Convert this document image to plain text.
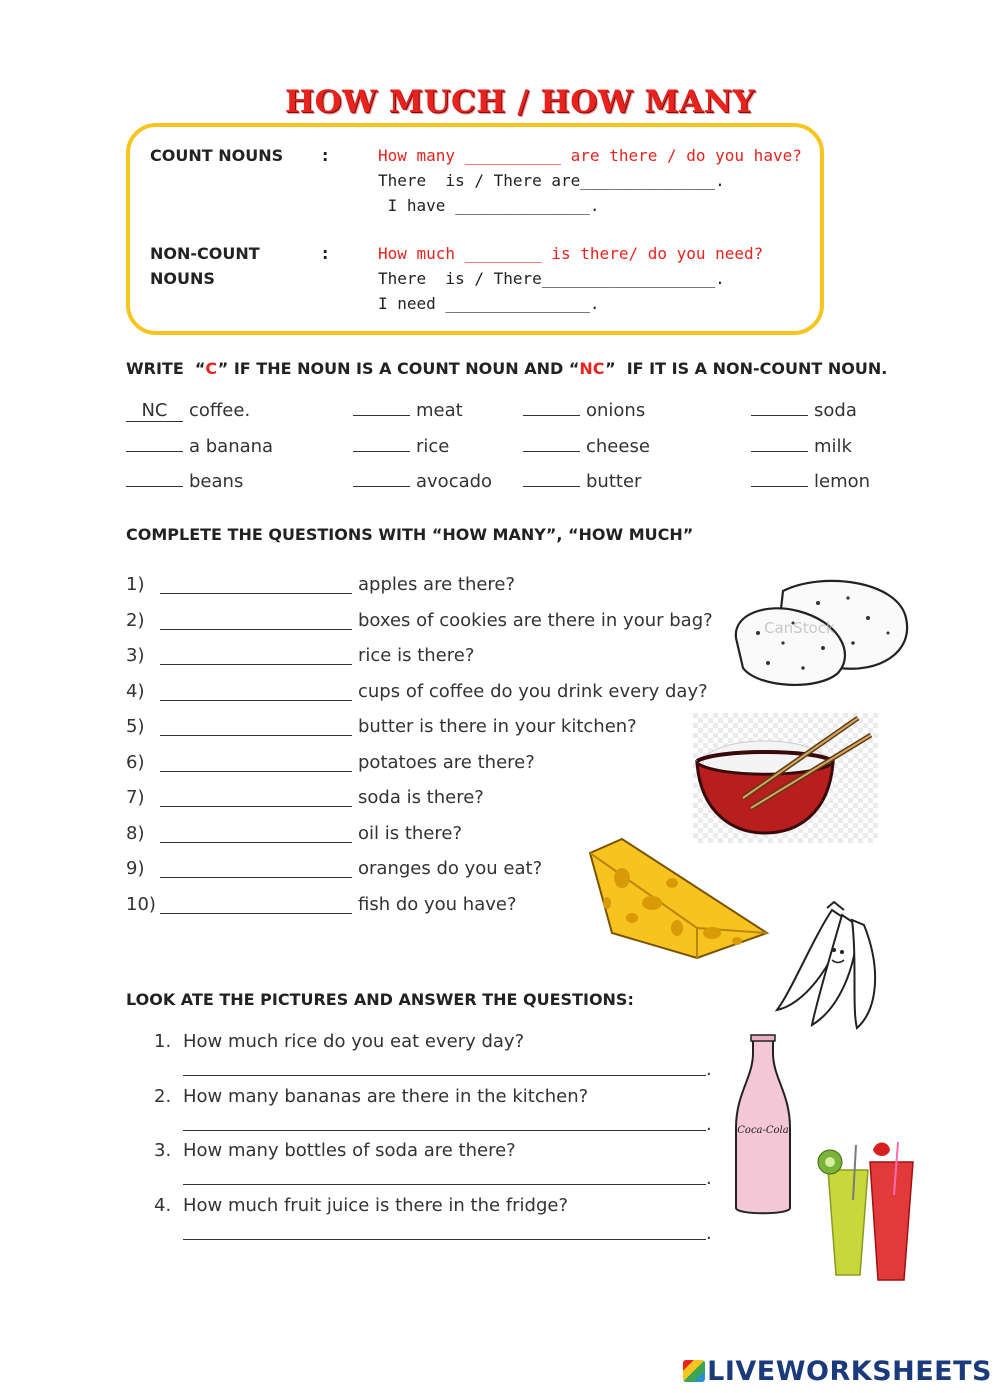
HOW MUCH / HOW MANY
COUNT NOUNS :	How many __________ are there / do you have?
There  is / There are______________.
I have ______________.
NON-COUNT
NOUNS
:	How much ________ is there/ do you need?
There  is / There__________________.
I need _______________.
WRITE  “C” IF THE NOUN IS A COUNT NOUN AND “NC”  IF IT IS A NON-COUNT NOUN.
NC coffee.	meat	onions	soda
a banana	rice	cheese	milk
beans	avocado	butter	lemon
COMPLETE THE QUESTIONS WITH “HOW MANY”, “HOW MUCH”
1)	apples are there?
2)	boxes of cookies are there in your bag?
3)	rice is there?
4)	cups of coffee do you drink every day?
5)	butter is there in your kitchen?
6)	potatoes are there?
7)	soda is there?
8)	oil is there?
9)	oranges do you eat?
10)	fish do you have?
CanStock
Coca-Cola
LOOK ATE THE PICTURES AND ANSWER THE QUESTIONS:
1. How much rice do you eat every day?
.
2. How many bananas are there in the kitchen?
.
3. How many bottles of soda are there?
.
4. How much fruit juice is there in the fridge?
.
LIVEWORKSHEETS
